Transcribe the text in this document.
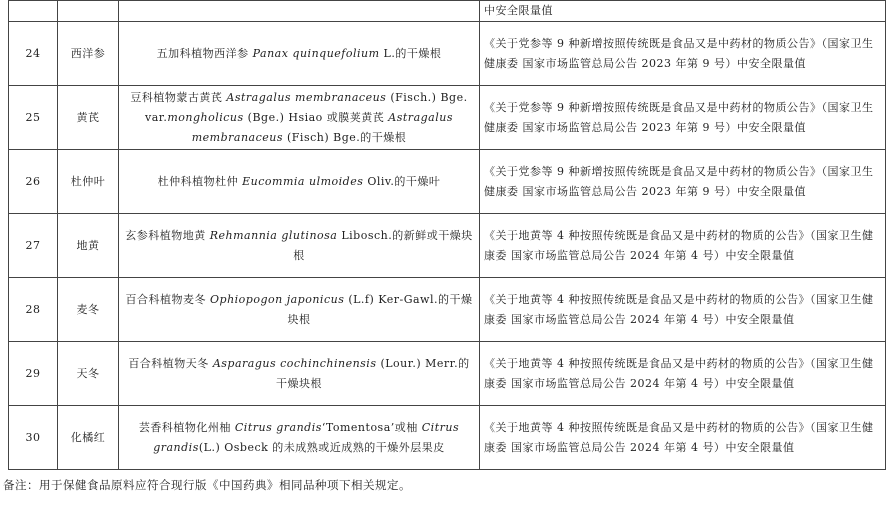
			中安全限量值
24	西洋参	五加科植物西洋参 Panax quinquefolium L.的干燥根	《关于党参等 9 种新增按照传统既是食品又是中药材的物质公告》（国家卫生健康委 国家市场监管总局公告 2023 年第 9 号）中安全限量值
25	黄芪	豆科植物蒙古黄芪 Astragalus membranaceus (Fisch.) Bge. var.mongholicus (Bge.) Hsiao 或膜荚黄芪 Astragalus membranaceus (Fisch) Bge.的干燥根	《关于党参等 9 种新增按照传统既是食品又是中药材的物质公告》（国家卫生健康委 国家市场监管总局公告 2023 年第 9 号）中安全限量值
26	杜仲叶	杜仲科植物杜仲 Eucommia ulmoides Oliv.的干燥叶	《关于党参等 9 种新增按照传统既是食品又是中药材的物质公告》（国家卫生健康委 国家市场监管总局公告 2023 年第 9 号）中安全限量值
27	地黄	玄参科植物地黄 Rehmannia glutinosa Libosch.的新鲜或干燥块根	《关于地黄等 4 种按照传统既是食品又是中药材的物质的公告》（国家卫生健康委 国家市场监管总局公告 2024 年第 4 号）中安全限量值
28	麦冬	百合科植物麦冬 Ophiopogon japonicus (L.f) Ker-Gawl.的干燥块根	《关于地黄等 4 种按照传统既是食品又是中药材的物质的公告》（国家卫生健康委 国家市场监管总局公告 2024 年第 4 号）中安全限量值
29	天冬	百合科植物天冬 Asparagus cochinchinensis (Lour.) Merr.的干燥块根	《关于地黄等 4 种按照传统既是食品又是中药材的物质的公告》（国家卫生健康委 国家市场监管总局公告 2024 年第 4 号）中安全限量值
30	化橘红	芸香科植物化州柚 Citrus grandis‘Tomentosa’或柚 Citrus grandis(L.) Osbeck 的未成熟或近成熟的干燥外层果皮	《关于地黄等 4 种按照传统既是食品又是中药材的物质的公告》（国家卫生健康委 国家市场监管总局公告 2024 年第 4 号）中安全限量值
备注：用于保健食品原料应符合现行版《中国药典》相同品种项下相关规定。
